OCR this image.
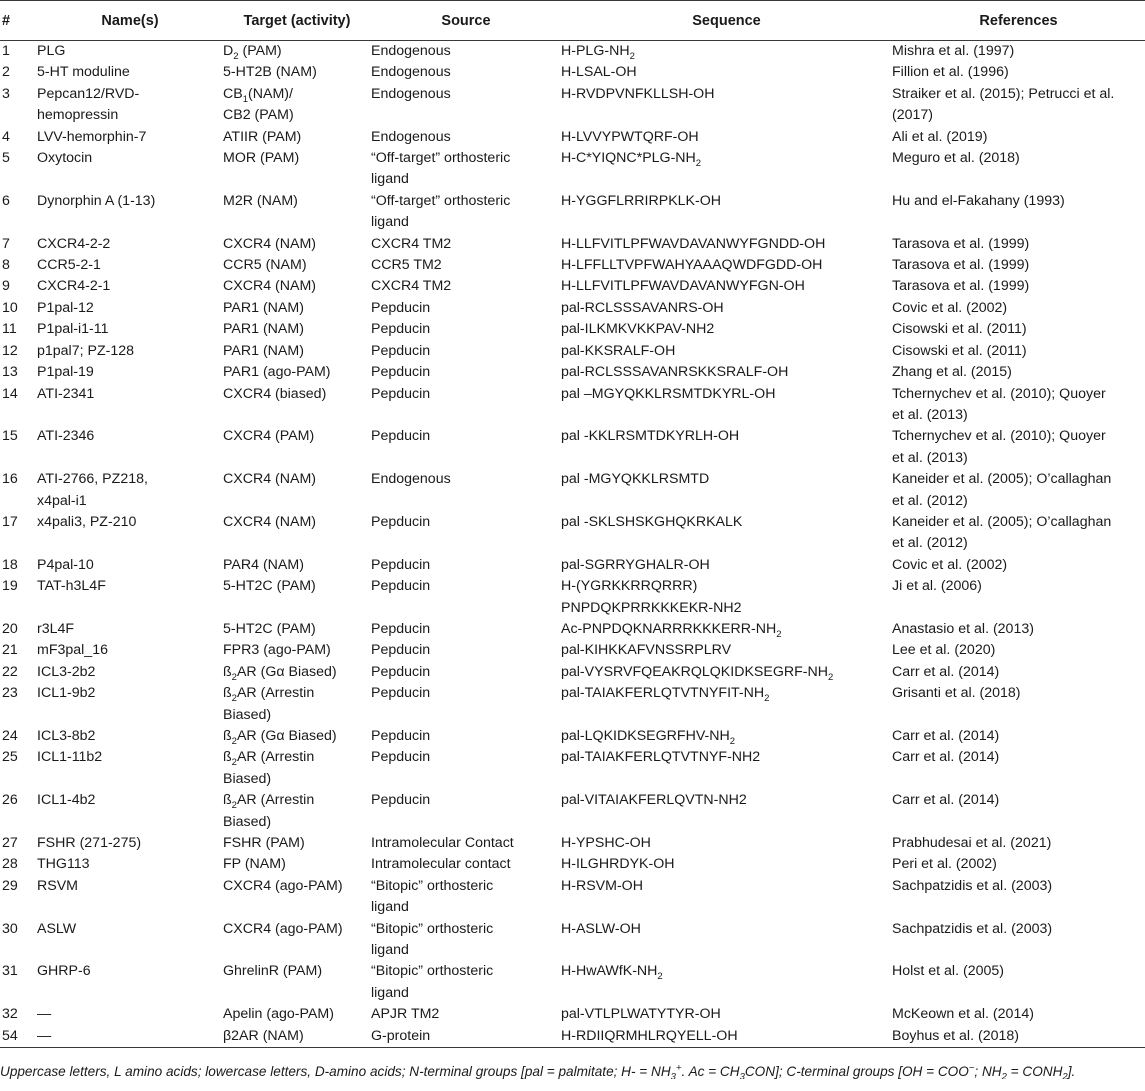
#	Name(s)	Target (activity)	Source	Sequence	References
1	PLG	$D_2$ (PAM)	Endogenous	$H-PLG-NH_2$	Mishra et al. (1997)
2	5-HT moduline	5-HT2B (NAM)	Endogenous	H-LSAL-OH	Fillion et al. (1996)
3	Pepcan12/RVD-
hemopressin	$CB_1(NAM)/$
CB2 (PAM)	Endogenous	H-RVDPVNFKLLSH-OH	Straiker et al. (2015); Petrucci et al.
(2017)
4	LVV-hemorphin-7	ATIIR (PAM)	Endogenous	H-LVVYPWTQRF-OH	Ali et al. (2019)
5	Oxytocin	MOR (PAM)	“Off-target” orthosteric
ligand	$H-C*YIQNC*PLG-NH_2$	Meguro et al. (2018)
6	Dynorphin A (1-13)	M2R (NAM)	“Off-target” orthosteric
ligand	H-YGGFLRRIRPKLK-OH	Hu and el-Fakahany (1993)
7	CXCR4-2-2	CXCR4 (NAM)	CXCR4 TM2	H-LLFVITLPFWAVDAVANWYFGNDD-OH	Tarasova et al. (1999)
8	CCR5-2-1	CCR5 (NAM)	CCR5 TM2	H-LFFLLTVPFWAHYAAAQWDFGDD-OH	Tarasova et al. (1999)
9	CXCR4-2-1	CXCR4 (NAM)	CXCR4 TM2	H-LLFVITLPFWAVDAVANWYFGN-OH	Tarasova et al. (1999)
10	P1pal-12	PAR1 (NAM)	Pepducin	pal-RCLSSSAVANRS-OH	Covic et al. (2002)
11	P1pal-i1-11	PAR1 (NAM)	Pepducin	pal-ILKMKVKKPAV-NH2	Cisowski et al. (2011)
12	p1pal7; PZ-128	PAR1 (NAM)	Pepducin	pal-KKSRALF-OH	Cisowski et al. (2011)
13	P1pal-19	PAR1 (ago-PAM)	Pepducin	pal-RCLSSSAVANRSKKSRALF-OH	Zhang et al. (2015)
14	ATI-2341	CXCR4 (biased)	Pepducin	pal –MGYQKKLRSMTDKYRL-OH	Tchernychev et al. (2010); Quoyer
et al. (2013)
15	ATI-2346	CXCR4 (PAM)	Pepducin	pal -KKLRSMTDKYRLH-OH	Tchernychev et al. (2010); Quoyer
et al. (2013)
16	ATI-2766, PZ218,
x4pal-i1	CXCR4 (NAM)	Endogenous	pal -MGYQKKLRSMTD	Kaneider et al. (2005); O’callaghan
et al. (2012)
17	x4pali3, PZ-210	CXCR4 (NAM)	Pepducin	pal -SKLSHSKGHQKRKALK	Kaneider et al. (2005); O’callaghan
et al. (2012)
18	P4pal-10	PAR4 (NAM)	Pepducin	pal-SGRRYGHALR-OH	Covic et al. (2002)
19	TAT-h3L4F	5-HT2C (PAM)	Pepducin	H-(YGRKKRRQRRR)
PNPDQKPRRKKKEKR-NH2	Ji et al. (2006)
20	r3L4F	5-HT2C (PAM)	Pepducin	$Ac-PNPDQKNARRRKKKERR-NH_2$	Anastasio et al. (2013)
21	mF3pal_16	FPR3 (ago-PAM)	Pepducin	pal-KIHKKAFVNSSRPLRV	Lee et al. (2020)
22	ICL3-2b2	$ß_2AR$ (Gα Biased)	Pepducin	pal-$VYSRVFQEAKRQLQKIDKSEGRF-NH_2$	Carr et al. (2014)
23	ICL1-9b2	$ß_2AR$ (Arrestin
Biased)	Pepducin	pal-$TAIAKFERLQTVTNYFIT-NH_2$	Grisanti et al. (2018)
24	ICL3-8b2	$ß_2AR$ (Gα Biased)	Pepducin	pal-$LQKIDKSEGRFHV-NH_2$	Carr et al. (2014)
25	ICL1-11b2	$ß_2AR$ (Arrestin
Biased)	Pepducin	pal-TAIAKFERLQTVTNYF-NH2	Carr et al. (2014)
26	ICL1-4b2	$ß_2AR$ (Arrestin
Biased)	Pepducin	pal-VITAIAKFERLQVTN-NH2	Carr et al. (2014)
27	FSHR (271-275)	FSHR (PAM)	Intramolecular Contact	H-YPSHC-OH	Prabhudesai et al. (2021)
28	THG113	FP (NAM)	Intramolecular contact	H-ILGHRDYK-OH	Peri et al. (2002)
29	RSVM	CXCR4 (ago-PAM)	“Bitopic” orthosteric
ligand	H-RSVM-OH	Sachpatzidis et al. (2003)
30	ASLW	CXCR4 (ago-PAM)	“Bitopic” orthosteric
ligand	H-ASLW-OH	Sachpatzidis et al. (2003)
31	GHRP-6	GhrelinR (PAM)	“Bitopic” orthosteric
ligand	$H-HwAWfK-NH_2$	Holst et al. (2005)
32	—	Apelin (ago-PAM)	APJR TM2	pal-VTLPLWATYTYR-OH	McKeown et al. (2014)
54	—	β2AR (NAM)	G-protein	H-RDIIQRMHLRQYELL-OH	Boyhus et al. (2018)
Uppercase letters, L amino acids; lowercase letters, D-amino acids; N-terminal groups [pal = palmitate; $H- = NH_3^+$. $Ac = CH_3CON$]; C-terminal groups [OH = COO−; $NH_2$ = $CONH_2$].
